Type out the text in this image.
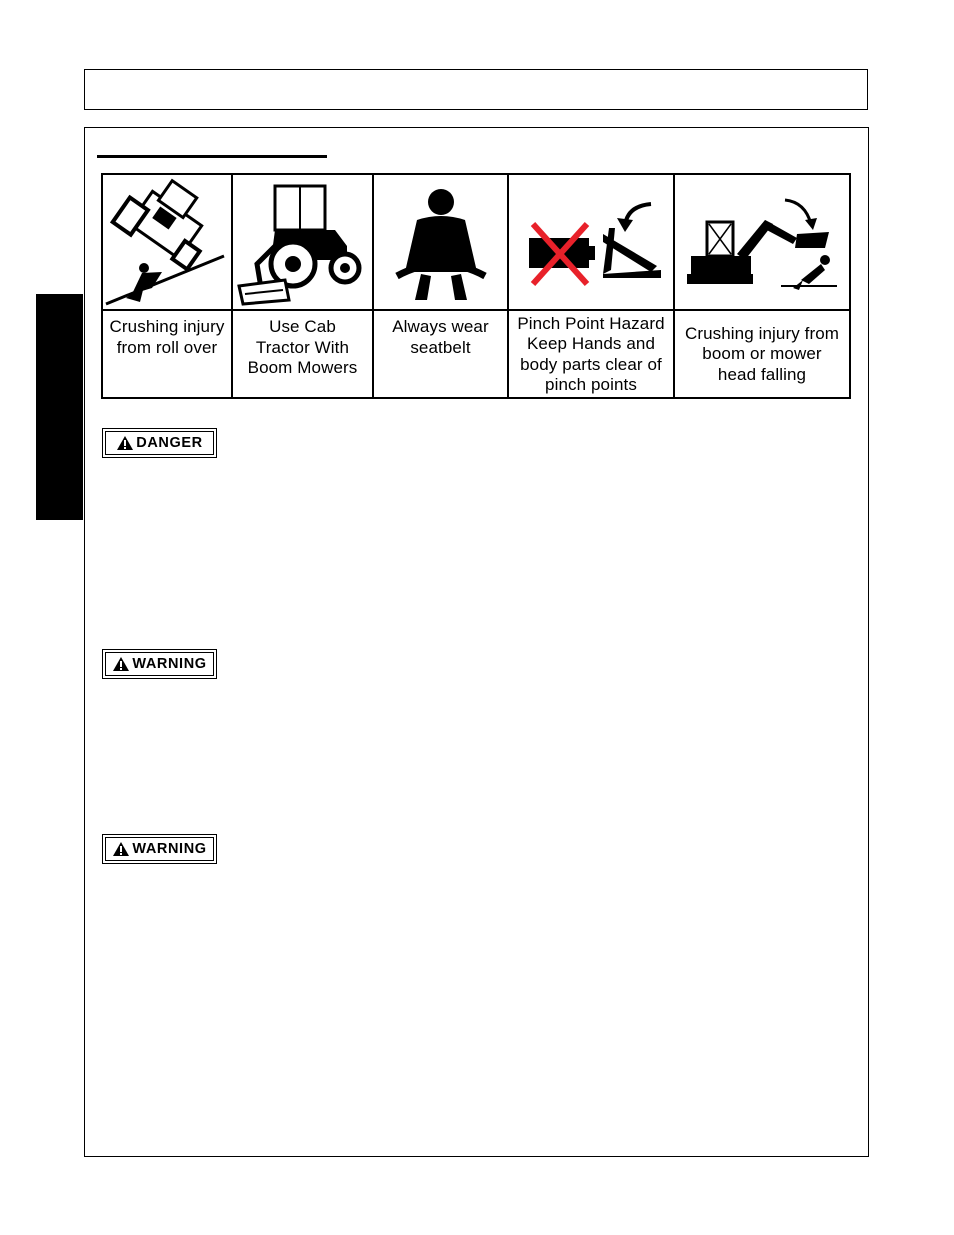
Crushing injury
from roll over
Use Cab
Tractor With
Boom Mowers
Always wear
seatbelt
Pinch Point Hazard
Keep Hands and
body parts clear of
pinch points
Crushing injury from
boom or mower
head falling
DANGER
WARNING
WARNING
